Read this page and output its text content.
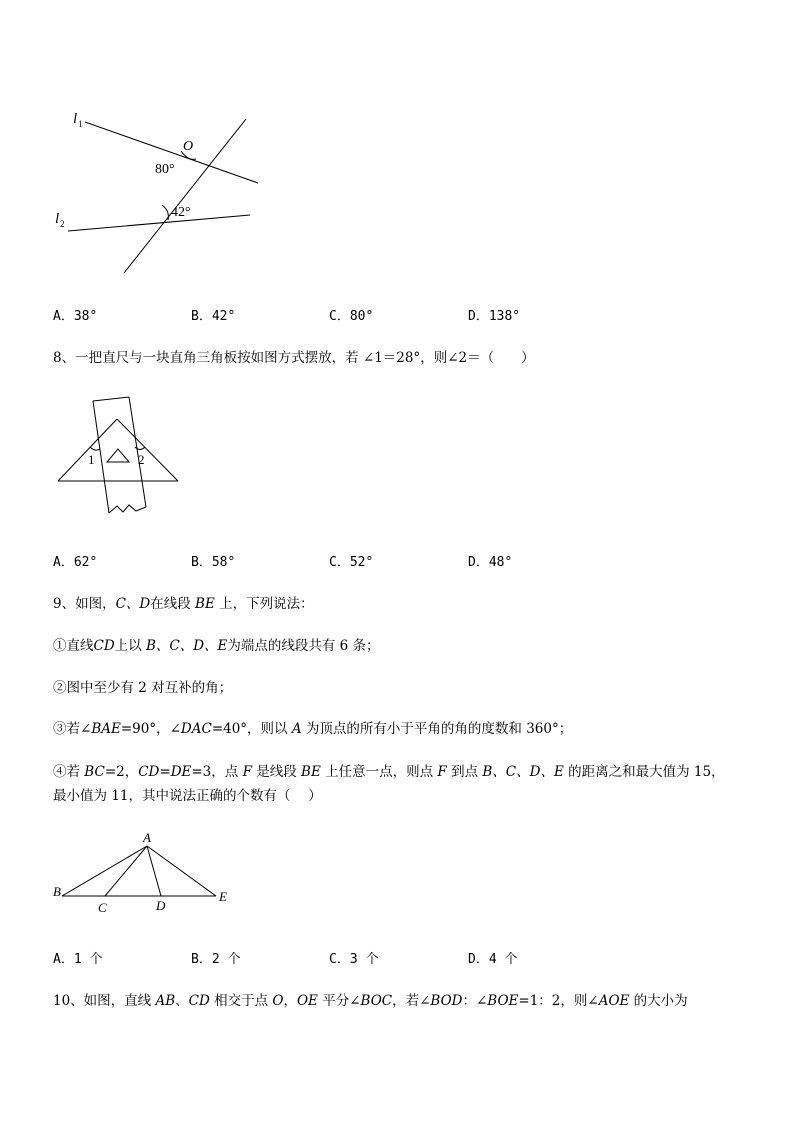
l 1
l 2
O
80°
42°
A．38°	B．42°	C．80°	D．138°
8、一把直尺与一块直角三角板按如图方式摆放，若 ∠1＝28°，则∠2＝（　　）
1	2
A．62°	B．58°	C．52°	D．48°
9、如图，C、D在线段 BE 上，下列说法：
①直线CD上以 B、C、D、E为端点的线段共有 6 条；
②图中至少有 2 对互补的角；
③若∠BAE=90°，∠DAC=40°，则以 A 为顶点的所有小于平角的角的度数和 360°；
④若 BC=2，CD=DE=3，点 F 是线段 BE 上任意一点，则点 F 到点 B、C、D、E 的距离之和最大值为 15，
最小值为 11，其中说法正确的个数有（　 ）
A
B
C	D
E
A．1 个	B．2 个	C．3 个	D．4 个
10、如图，直线 AB、CD 相交于点 O，OE 平分∠BOC，若∠BOD：∠BOE=1：2，则∠AOE 的大小为
